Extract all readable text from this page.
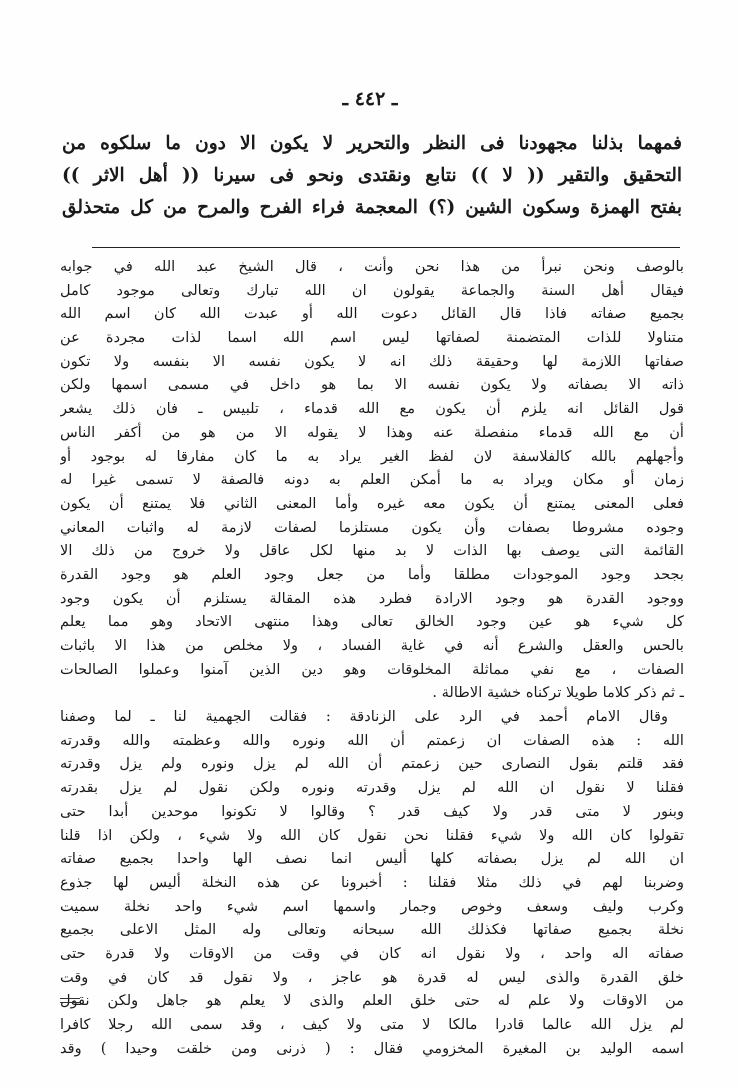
ـ ٤٤٢ ـ
فمهما بذلنا مجهودنا فى النظر والتحرير لا يكون الا دون ما سلكوه من
التحقيق والتقير (( لا )) نتابع ونقتدى ونحو فى سيرنا (( أهل الاثر ))
بفتح الهمزة وسكون الشين (؟) المعجمة فراء الفرح والمرح من كل متحذلق
بالوصف ونحن نبرأ من هذا نحن وأنت ، قال الشيخ عبد الله في جوابه
فيقال أهل السنة والجماعة يقولون ان الله تبارك وتعالى موجود كامل
بجميع صفاته فاذا قال القائل دعوت الله أو عبدت الله كان اسم الله
متناولا للذات المتضمنة لصفاتها ليس اسم الله اسما لذات مجردة عن
صفاتها اللازمة لها وحقيقة ذلك انه لا يكون نفسه الا بنفسه ولا تكون
ذاته الا بصفاته ولا يكون نفسه الا بما هو داخل في مسمى اسمها ولكن
قول القائل انه يلزم أن يكون مع الله قدماء ، تلبيس ـ فان ذلك يشعر
أن مع الله قدماء منفصلة عنه وهذا لا يقوله الا من هو من أكفر الناس
وأجهلهم بالله كالفلاسفة لان لفظ الغير يراد به ما كان مفارقا له بوجود أو
زمان أو مكان ويراد به ما أمكن العلم به دونه فالصفة لا تسمى غيرا له
فعلى المعنى يمتنع أن يكون معه غيره وأما المعنى الثاني فلا يمتنع أن يكون
وجوده مشروطا بصفات وأن يكون مستلزما لصفات لازمة له واثبات المعاني
القائمة التى يوصف بها الذات لا بد منها لكل عاقل ولا خروج من ذلك الا
بجحد وجود الموجودات مطلقا وأما من جعل وجود العلم هو وجود القدرة
ووجود القدرة هو وجود الارادة فطرد هذه المقالة يستلزم أن يكون وجود
كل شيء هو عين وجود الخالق تعالى وهذا منتهى الاتحاد وهو مما يعلم
بالحس والعقل والشرع أنه في غاية الفساد ، ولا مخلص من هذا الا باثبات
الصفات ، مع نفي مماثلة المخلوقات وهو دين الذين آمنوا وعملوا الصالحات
ـ ثم ذكر كلاما طويلا تركناه خشية الاطالة .
وقال الامام أحمد في الرد على الزنادقة : فقالت الجهمية لنا ـ لما وصفنا
الله : هذه الصفات ان زعمتم أن الله ونوره والله وعظمته والله وقدرته
فقد قلتم بقول النصارى حين زعمتم أن الله لم يزل ونوره ولم يزل وقدرته
فقلنا لا نقول ان الله لم يزل وقدرته ونوره ولكن نقول لم يزل بقدرته
وبنور لا متى قدر ولا كيف قدر ؟ وقالوا لا تكونوا موحدين أبدا حتى
تقولوا كان الله ولا شيء فقلنا نحن نقول كان الله ولا شيء ، ولكن اذا قلنا
ان الله لم يزل بصفاته كلها أليس انما نصف الها واحدا بجميع صفاته
وضربنا لهم في ذلك مثلا فقلنا : أخبرونا عن هذه النخلة أليس لها جذوع
وكرب وليف وسعف وخوص وجمار واسمها اسم شيء واحد نخلة سميت
نخلة بجميع صفاتها فكذلك الله سبحانه وتعالى وله المثل الاعلى بجميع
صفاته اله واحد ، ولا نقول انه كان في وقت من الاوقات ولا قدرة حتى
خلق القدرة والذى ليس له قدرة هو عاجز ، ولا نقول قد كان في وقت
من الاوقات ولا علم له حتى خلق العلم والذى لا يعلم هو جاهل ولكن نقول
لم يزل الله عالما قادرا مالكا لا متى ولا كيف ، وقد سمى الله رجلا كافرا
اسمه الوليد بن المغيرة المخزومي فقال : ( ذرنى ومن خلقت وحيدا ) وقد
